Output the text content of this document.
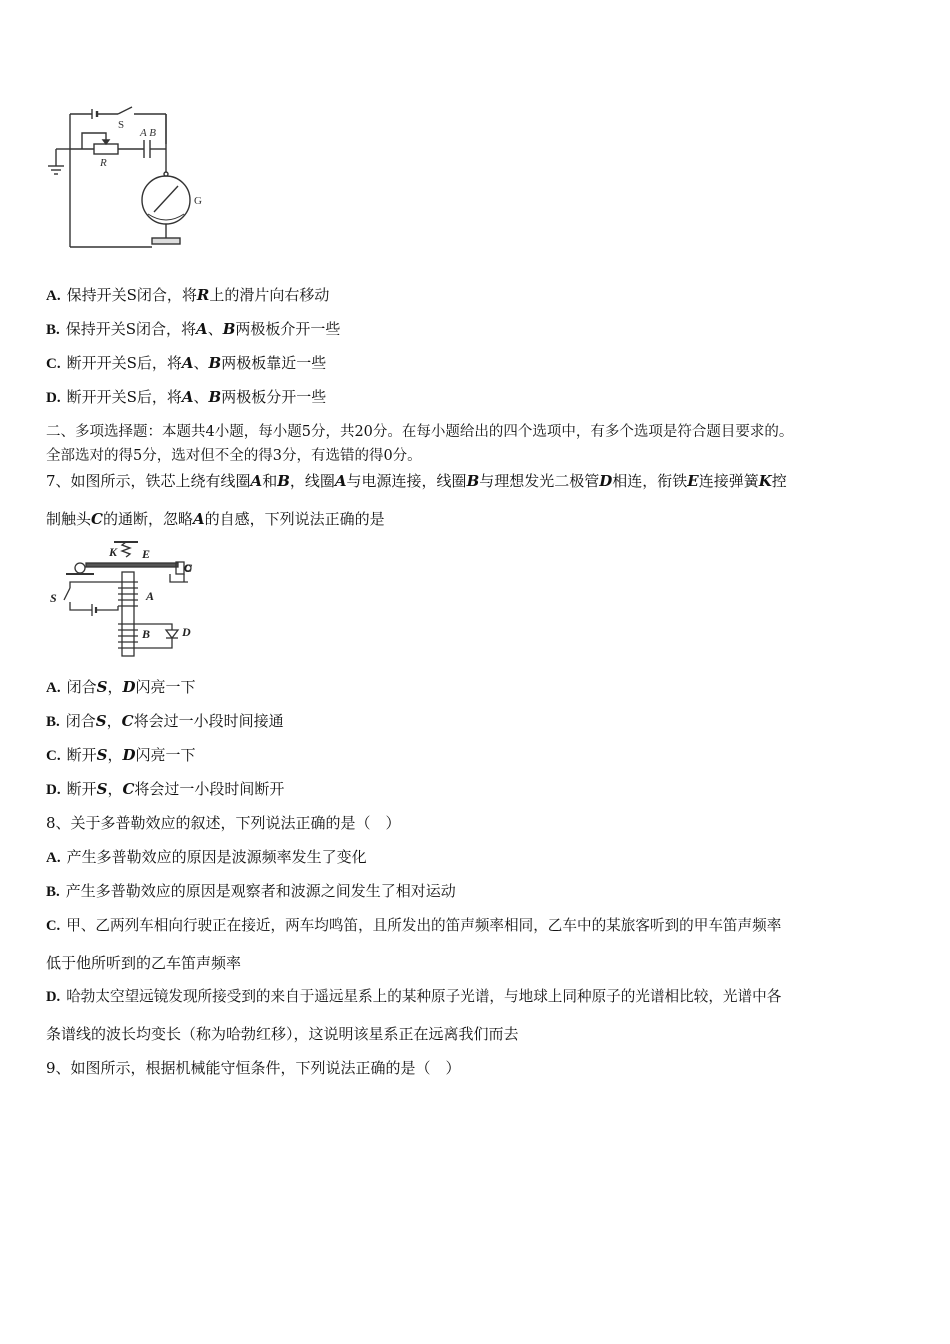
S
R
A B
G
A. 保持开关S闭合，将R上的滑片向右移动
B. 保持开关S闭合，将A、B两极板介开一些
C. 断开开关S后，将A、B两极板靠近一些
D. 断开开关S后，将A、B两极板分开一些
二、多项选择题：本题共4小题，每小题5分，共20分。在每小题给出的四个选项中，有多个选项是符合题目要求的。
全部选对的得5分，选对但不全的得3分，有选错的得0分。
7、如图所示，铁芯上绕有线圈A和B，线圈A与电源连接，线圈B与理想发光二极管D相连，衔铁E连接弹簧K控
制触头C的通断，忽略A的自感，下列说法正确的是
K E
C
S	A
B	D
A. 闭合S，D闪亮一下
B. 闭合S，C将会过一小段时间接通
C. 断开S，D闪亮一下
D. 断开S，C将会过一小段时间断开
8、关于多普勒效应的叙述，下列说法正确的是（　）
A. 产生多普勒效应的原因是波源频率发生了变化
B. 产生多普勒效应的原因是观察者和波源之间发生了相对运动
C. 甲、乙两列车相向行驶正在接近，两车均鸣笛，且所发出的笛声频率相同，乙车中的某旅客听到的甲车笛声频率
低于他所听到的乙车笛声频率
D. 哈勃太空望远镜发现所接受到的来自于遥远星系上的某种原子光谱，与地球上同种原子的光谱相比较，光谱中各
条谱线的波长均变长（称为哈勃红移），这说明该星系正在远离我们而去
9、如图所示，根据机械能守恒条件，下列说法正确的是（　）
